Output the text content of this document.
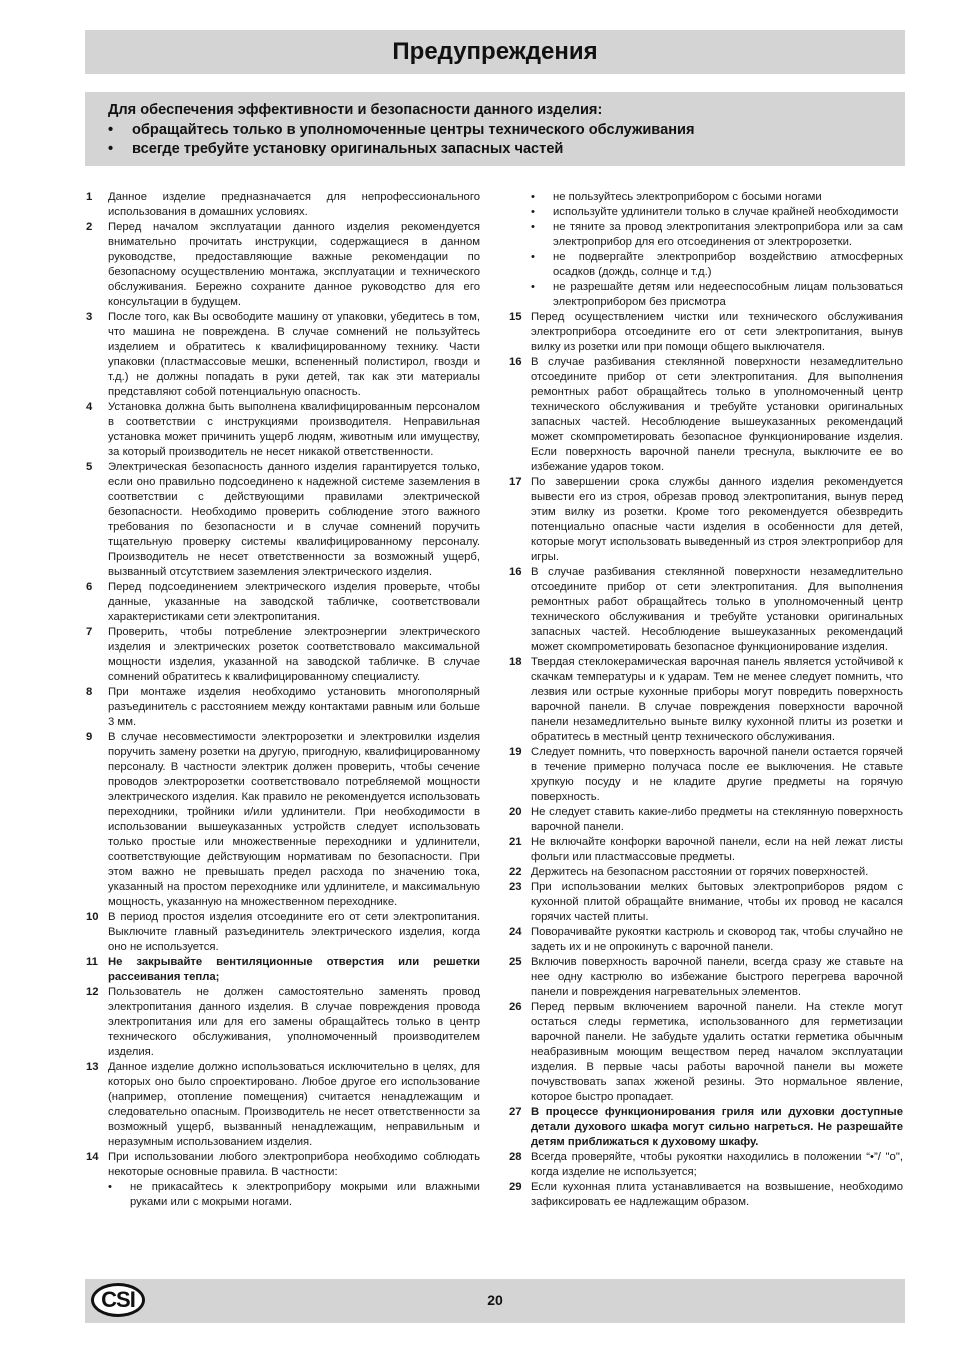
Предупреждения
Для обеспечения эффективности и безопасности данного изделия:
•	обращайтесь только в уполномоченные центры технического обслуживания
•	всегде требуйте установку оригинальных запасных частей
1	Данное изделие предназначается для непрофессионального использования в домашних условиях.
2	Перед началом эксплуатации данного изделия рекомендуется внимательно прочитать инструкции, содержащиеся в данном руководстве, предоставляющие важные рекомендации по безопасному осуществлению монтажа, эксплуатации и технического обслуживания. Бережно сохраните данное руководство для его консультации в будущем.
3	После того, как Вы освободите машину от упаковки, убедитесь в том, что машина не повреждена. В случае сомнений не пользуйтесь изделием и обратитесь к квалифицированному технику. Части упаковки (пластмассовые мешки, вспененный полистирол, гвозди и т.д.) не должны попадать в руки детей, так как эти материалы представляют собой потенциальную опасность.
4	Установка должна быть выполнена квалифицированным персоналом в соответствии с инструкциями производителя. Неправильная установка может причинить ущерб людям, животным или имуществу, за который производитель не несет никакой ответственности.
5	Электрическая безопасность данного изделия гарантируется только, если оно правильно подсоединено к надежной системе заземления в соответствии с действующими правилами электрической безопасности. Необходимо проверить соблюдение этого важного требования по безопасности и в случае сомнений поручить тщательную проверку системы квалифицированному персоналу. Производитель не несет ответственности за возможный ущерб, вызванный отсутствием заземления электрического изделия.
6	Перед подсоединением электрического изделия проверьте, чтобы данные, указанные на заводской табличке, соответствовали характеристиками сети электропитания.
7	Проверить, чтобы потребление электроэнергии электрического изделия и электрических розеток соответствовало максимальной мощности изделия, указанной на заводской табличке. В случае сомнений обратитесь к квалифицированному специалисту.
8	При монтаже изделия необходимо установить многополярный разъединитель с расстоянием между контактами равным или больше 3 мм.
9	В случае несовместимости электророзетки и электровилки изделия поручить замену розетки на другую, пригодную, квалифицированному персоналу. В частности электрик должен проверить, чтобы сечение проводов электророзетки соответствовало потребляемой мощности электрического изделия. Как правило не рекомендуется использовать переходники, тройники и/или удлинители. При необходимости в использовании вышеуказанных устройств следует использовать только простые или множественные переходники и удлинители, соответствующие действующим нормативам по безопасности. При этом важно не превышать предел расхода по значению тока, указанный на простом переходнике или удлинителе, и максимальную мощность, указанную на множественном переходнике.
10 В период простоя изделия отсоедините его от сети электропитания. Выключите главный разъединитель электрического изделия, когда оно не используется.
11 Не закрывайте вентиляционные отверстия или решетки рассеивания тепла;
12 Пользователь не должен самостоятельно заменять провод электропитания данного изделия. В случае повреждения провода электропитания или для его замены обращайтесь только в центр технического обслуживания, уполномоченный производителем изделия.
13 Данное изделие должно использоваться исключительно в целях, для которых оно было спроектировано. Любое другое его использование (например, отопление помещения) считается ненадлежащим и следовательно опасным. Производитель не несет ответственности за возможный ущерб, вызванный ненадлежащим, неправильным и неразумным использованием изделия.
14 При использовании любого электроприбора необходимо соблюдать некоторые основные правила. В частности:
•	не прикасайтесь к электроприбору мокрыми или влажными руками или с мокрыми ногами.
•	не пользуйтесь электроприбором с босыми ногами
•	используйте удлинители только в случае крайней необходимости
•	не тяните за провод электропитания электроприбора или за сам электроприбор для его отсоединения от электророзетки.
•	не подвергайте электроприбор воздействию атмосферных осадков (дождь, солнце и т.д.)
•	не разрешайте детям или недееспособным лицам пользоваться электроприбором без присмотра
15 Перед осуществлением чистки или технического обслуживания электроприбора отсоедините его от сети электропитания, вынув вилку из розетки или при помощи общего выключателя.
16 В случае разбивания стеклянной поверхности незамедлительно отсоедините прибор от сети электропитания. Для выполнения ремонтных работ обращайтесь только в уполномоченный центр технического обслуживания и требуйте установки оригинальных запасных частей. Несоблюдение вышеуказанных рекомендаций может скомпрометировать безопасное функционирование изделия. Если поверхность варочной панели треснула, выключите ее во избежание ударов током.
17 По завершении срока службы данного изделия рекомендуется вывести его из строя, обрезав провод электропитания, вынув перед этим вилку из розетки. Кроме того рекомендуется обезвредить потенциально опасные части изделия в особенности для детей, которые могут использовать выведенный из строя электроприбор для игры.
16 В случае разбивания стеклянной поверхности незамедлительно отсоедините прибор от сети электропитания. Для выполнения ремонтных работ обращайтесь только в уполномоченный центр технического обслуживания и требуйте установки оригинальных запасных частей. Несоблюдение вышеуказанных рекомендаций может скомпрометировать безопасное функционирование изделия.
18 Твердая стеклокерамическая варочная панель является устойчивой к скачкам температуры и к ударам. Тем не менее следует помнить, что лезвия или острые кухонные приборы могут повредить поверхность варочной панели. В случае повреждения поверхности варочной панели незамедлительно выньте вилку кухонной плиты из розетки и обратитесь в местный центр технического обслуживания.
19 Следует помнить, что поверхность варочной панели остается горячей в течение примерно получаса после ее выключения. Не ставьте хрупкую посуду и не кладите другие предметы на горячую поверхность.
20 Не следует ставить какие-либо предметы на стеклянную поверхность варочной панели.
21 Не включайте конфорки варочной панели, если на ней лежат листы фольги или пластмассовые предметы.
22 Держитесь на безопасном расстоянии от горячих поверхностей.
23 При использовании мелких бытовых электроприборов рядом с кухонной плитой обращайте внимание, чтобы их провод не касался горячих частей плиты.
24 Поворачивайте рукоятки кастрюль и сковород так, чтобы случайно не задеть их и не опрокинуть с варочной панели.
25 Включив поверхность варочной панели, всегда сразу же ставьте на нее одну кастрюлю во избежание быстрого перегрева варочной панели и повреждения нагревательных элементов.
26 Перед первым включением варочной панели. На стекле могут остаться следы герметика, использованного для герметизации варочной панели. Не забудьте удалить остатки герметика обычным неабразивным моющим веществом перед началом эксплуатации изделия. В первые часы работы варочной панели вы можете почувствовать запах жженой резины. Это нормальное явление, которое быстро пропадает.
27 В процессе функционирования гриля или духовки доступные детали духового шкафа могут сильно нагреться. Не разрешайте детям приближаться к духовому шкафу.
28 Всегда проверяйте, чтобы рукоятки находились в положении “•”/ "о", когда изделие не используется;
29 Если кухонная плита устанавливается на возвышение, необходимо зафиксировать ее надлежащим образом.
CSI	20
